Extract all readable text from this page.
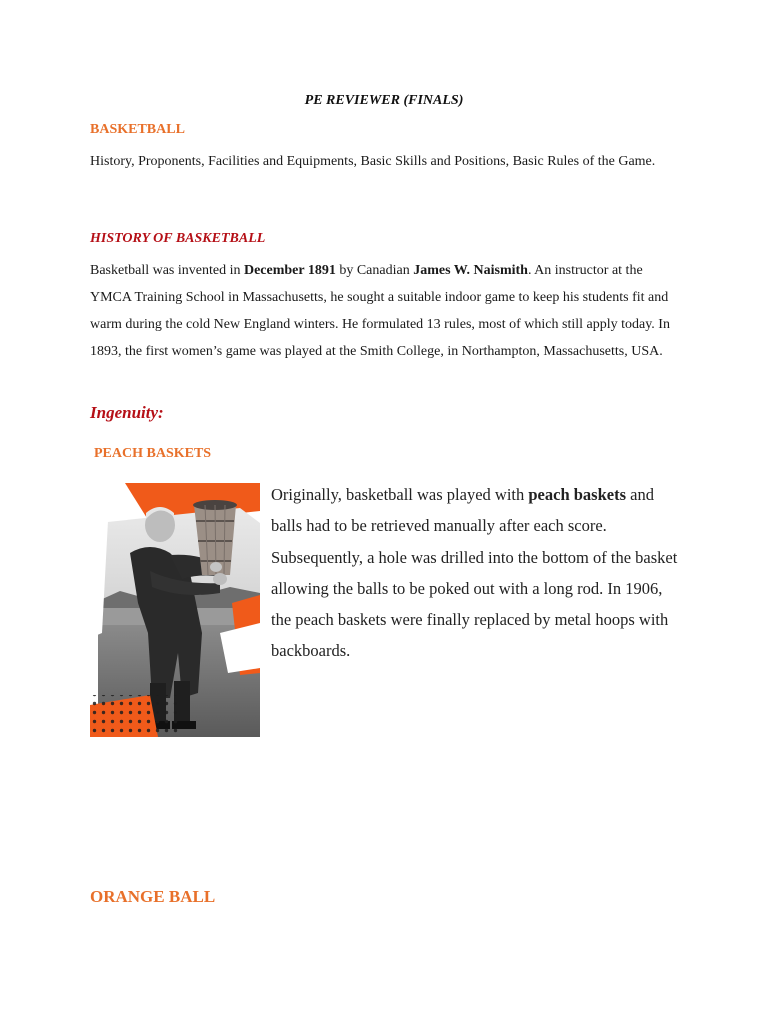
PE REVIEWER (FINALS)
BASKETBALL
History, Proponents, Facilities and Equipments, Basic Skills and Positions, Basic Rules of the Game.
HISTORY OF BASKETBALL
Basketball was invented in December 1891 by Canadian James W. Naismith. An instructor at the YMCA Training School in Massachusetts, he sought a suitable indoor game to keep his students fit and warm during the cold New England winters. He formulated 13 rules, most of which still apply today. In 1893, the first women’s game was played at the Smith College, in Northampton, Massachusetts, USA.
Ingenuity:
PEACH BASKETS
Originally, basketball was played with peach baskets and balls had to be retrieved manually after each score. Subsequently, a hole was drilled into the bottom of the basket allowing the balls to be poked out with a long rod. In 1906, the peach baskets were finally replaced by metal hoops with backboards.
ORANGE BALL
